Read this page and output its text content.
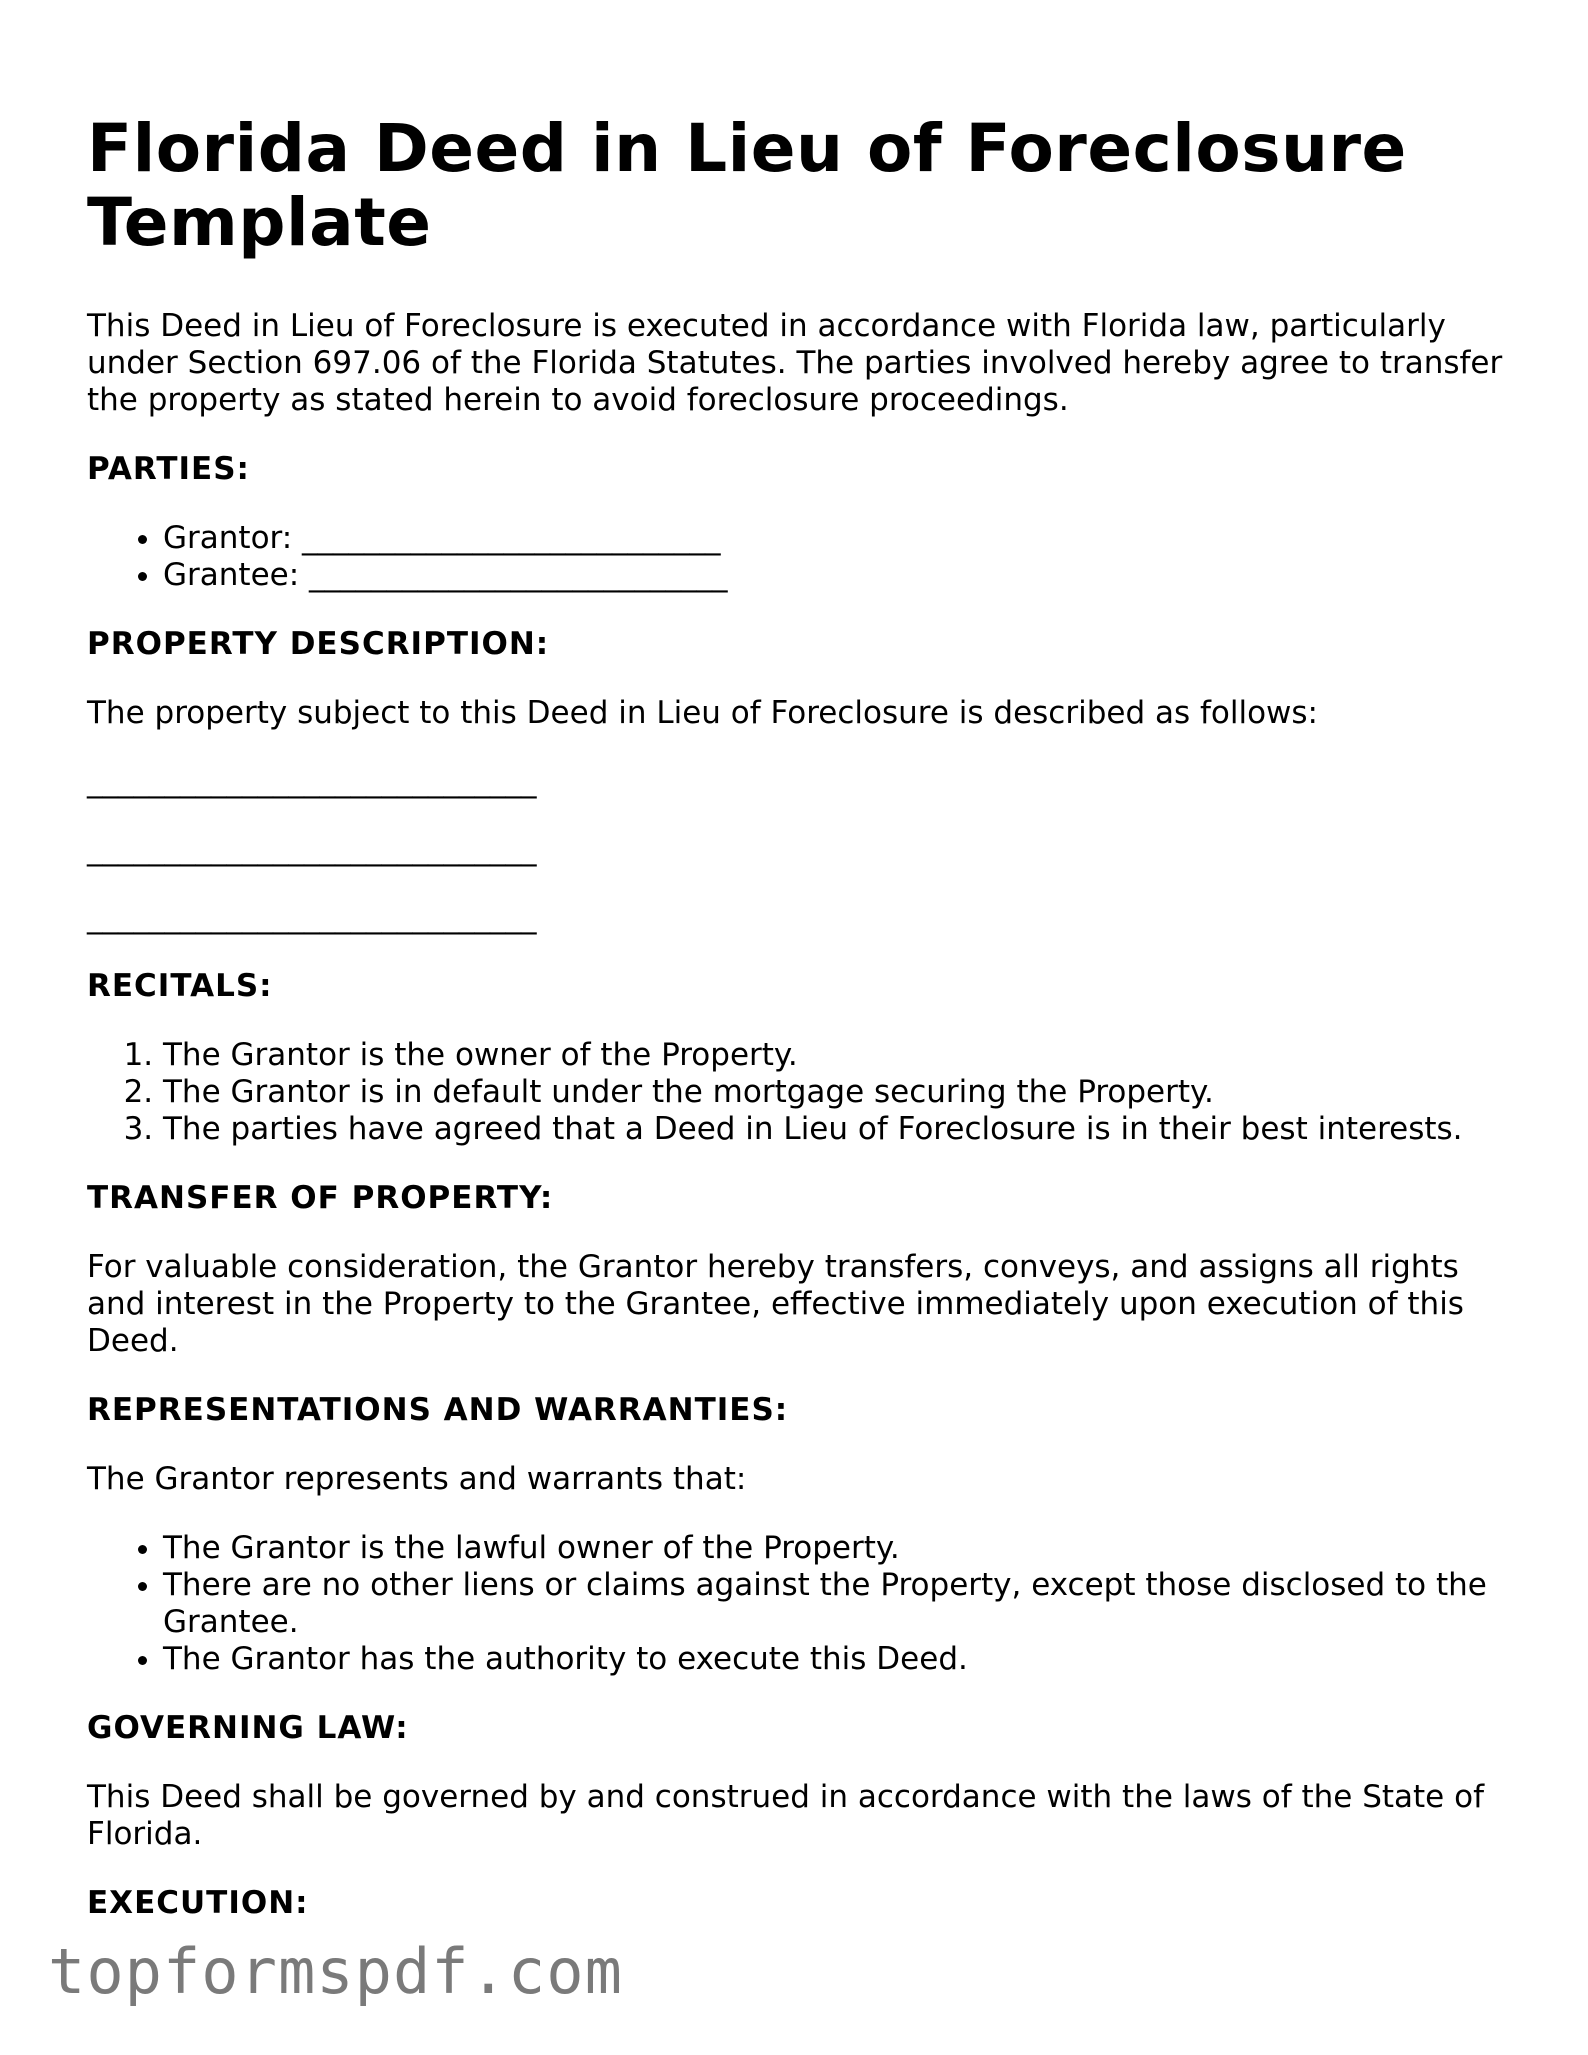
Florida Deed in Lieu of Foreclosure Template

This Deed in Lieu of Foreclosure is executed in accordance with Florida law, particularly under Section 697.06 of the Florida Statutes. The parties involved hereby agree to transfer the property as stated herein to avoid foreclosure proceedings.

PARTIES:
• Grantor: ___________________________
• Grantee: ___________________________
PROPERTY DESCRIPTION:

The property subject to this Deed in Lieu of Foreclosure is described as follows:

_____________________________
_____________________________
_____________________________
RECITALS:
1. The Grantor is the owner of the Property.
2. The Grantor is in default under the mortgage securing the Property.
3. The parties have agreed that a Deed in Lieu of Foreclosure is in their best interests.
TRANSFER OF PROPERTY:

For valuable consideration, the Grantor hereby transfers, conveys, and assigns all rights and interest in the Property to the Grantee, effective immediately upon execution of this Deed.

REPRESENTATIONS AND WARRANTIES:

The Grantor represents and warrants that:

• The Grantor is the lawful owner of the Property.
• There are no other liens or claims against the Property, except those disclosed to the Grantee.
• The Grantor has the authority to execute this Deed.
GOVERNING LAW:

This Deed shall be governed by and construed in accordance with the laws of the State of Florida.

EXECUTION:
topformspdf.com
